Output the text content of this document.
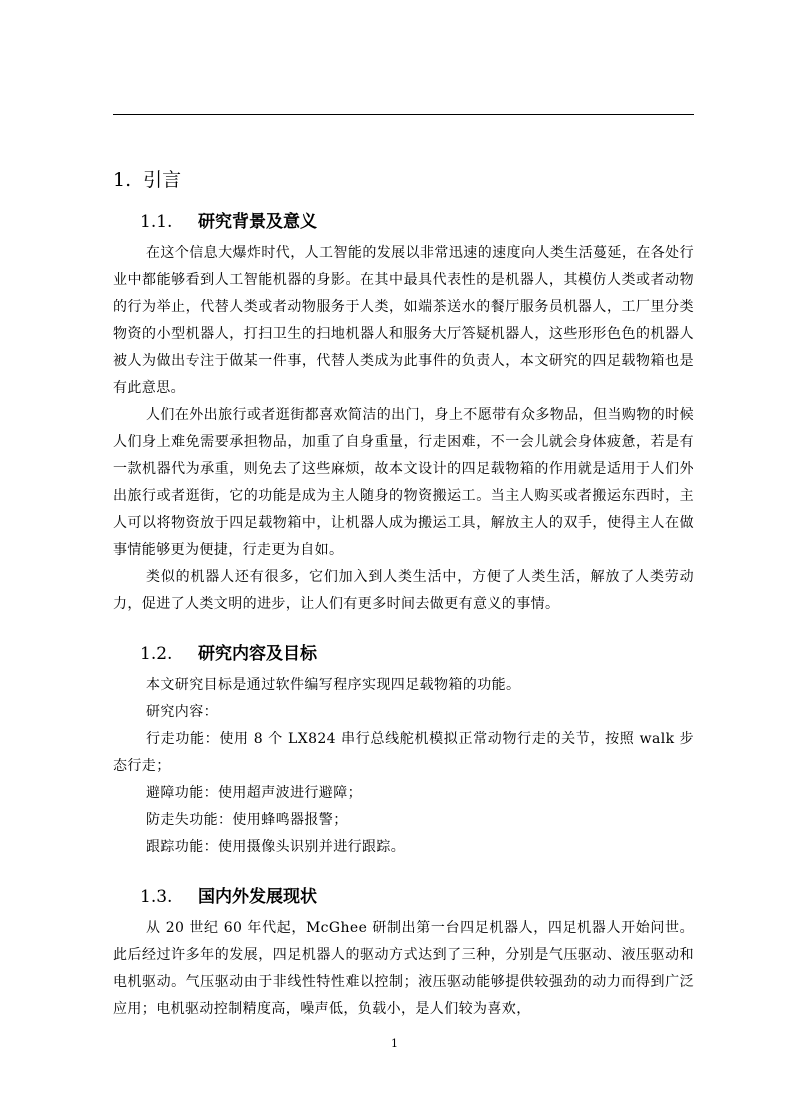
1. 引言
1.1. 研究背景及意义

在这个信息大爆炸时代，人工智能的发展以非常迅速的速度向人类生活蔓延，在各处行业中都能够看到人工智能机器的身影。在其中最具代表性的是机器人，其模仿人类或者动物的行为举止，代替人类或者动物服务于人类，如端茶送水的餐厅服务员机器人，工厂里分类物资的小型机器人，打扫卫生的扫地机器人和服务大厅答疑机器人，这些形形色色的机器人被人为做出专注于做某一件事，代替人类成为此事件的负责人，本文研究的四足载物箱也是有此意思。

人们在外出旅行或者逛街都喜欢简洁的出门，身上不愿带有众多物品，但当购物的时候人们身上难免需要承担物品，加重了自身重量，行走困难，不一会儿就会身体疲惫，若是有一款机器代为承重，则免去了这些麻烦，故本文设计的四足载物箱的作用就是适用于人们外出旅行或者逛街，它的功能是成为主人随身的物资搬运工。当主人购买或者搬运东西时，主人可以将物资放于四足载物箱中，让机器人成为搬运工具，解放主人的双手，使得主人在做事情能够更为便捷，行走更为自如。

类似的机器人还有很多，它们加入到人类生活中，方便了人类生活，解放了人类劳动力，促进了人类文明的进步，让人们有更多时间去做更有意义的事情。

1.2. 研究内容及目标

本文研究目标是通过软件编写程序实现四足载物箱的功能。

研究内容：

行走功能：使用 8 个 LX824 串行总线舵机模拟正常动物行走的关节，按照 walk 步态行走；

避障功能：使用超声波进行避障；

防走失功能：使用蜂鸣器报警；

跟踪功能：使用摄像头识别并进行跟踪。

1.3. 国内外发展现状

从 20 世纪 60 年代起，McGhee 研制出第一台四足机器人，四足机器人开始问世。此后经过许多年的发展，四足机器人的驱动方式达到了三种，分别是气压驱动、液压驱动和电机驱动。气压驱动由于非线性特性难以控制；液压驱动能够提供较强劲的动力而得到广泛应用；电机驱动控制精度高，噪声低，负载小，是人们较为喜欢，

1
